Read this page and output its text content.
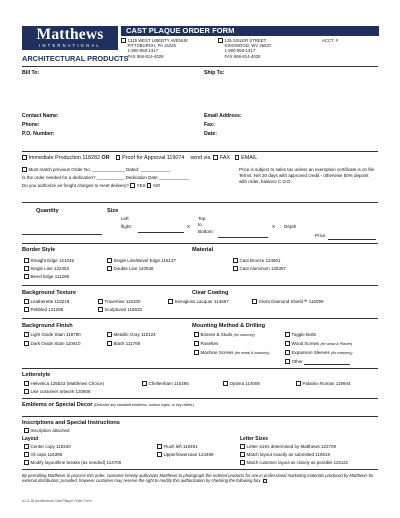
Matthews
INTERNATIONAL
ARCHITECTURAL PRODUCTS
CAST PLAQUE ORDER FORM
1315 WEST LIBERTY AVENUE
PITTSBURGH, PA 15226
1-800-950-1317
FAX 866-814-4028
125 SISLER STREET
KINGWOOD, WV 26537
1-800-950-1317
FAX 866-814-4028
ACCT. #
Bill To:	Ship To:
Contact Name:
Phone:
P.O. Number:
Email Address:
Fax:
Date:
Immediate Production 118282 OR Proof for Approval 119074 send via FAX EMAIL
Must match previous Order No. _____________ Dated: ____________
Is the order needed for a dedication? ___________ Dedication Date ____________
Do you authorize air freight charges to meet delivery? YES NO
Price is subject to sales tax unless an exemption certificate is on file. Terms: Net 30 days with approved credit - otherwise 50% deposit with order, balance C.O.D.
Quantity	Size
Left
flight:	X
Top
to
Bottom:
X Depth
Price
Border Style	Material
Straight Edge 121045
Single Line 122453
Bevel Edge 111286
Single Line/Bevel Edge 116137
Double Line 110536
Cast Bronze 124901
Cast Aluminum 125397
Background Texture	Clear Coating
Leatherette 118218
Pebbled 121286
Travertine 116200
Sculptured 115632
Semigloss Lacquer 114657	Gloss Diamond Shield™ 116099
Background Finish	Mounting Method & Drilling
Light Oxide Stain 118790
Dark Oxide Stain 110610
Metallic Gray 115124
Black 111768
Bosses & Studs (for masonry)
Rosettes
Machine Screws (for metal & masonry)
Toggle Bolts
Wood Screws (for wood & Plaster)
Expansion Sleeves (for masonry)
Other
Letterstyle
Helvetica 125523 (Matthews Choice)	Cheltenham 115295	Optima 114006	Palatino Roman 119944
Use customer artwork 120806
Emblems or Special Decor (Describe any standard emblems, custom logos, or key reliefs.)
Inscriptions and Special Instructions
Inscription attached
Layout	Letter Sizes
Center copy 119340
All caps 116395
Modify layout/line breaks (as needed) 114700
Flush left 119491
Upper/lowercase 124499
Letter sizes determined by Matthews 122709
Match layout exactly as submitted 116619
Match customer layout as closely as possible 125122
By permitting Matthews to process this order, customer hereby authorizes Matthews to photograph the ordered products for use in professional marketing materials produced by Matthews for external distribution; provided, however customer may reserve the right to modify this authorization by checking the following box.
A1-5-18 Architectural Cast Plaque Order Form
